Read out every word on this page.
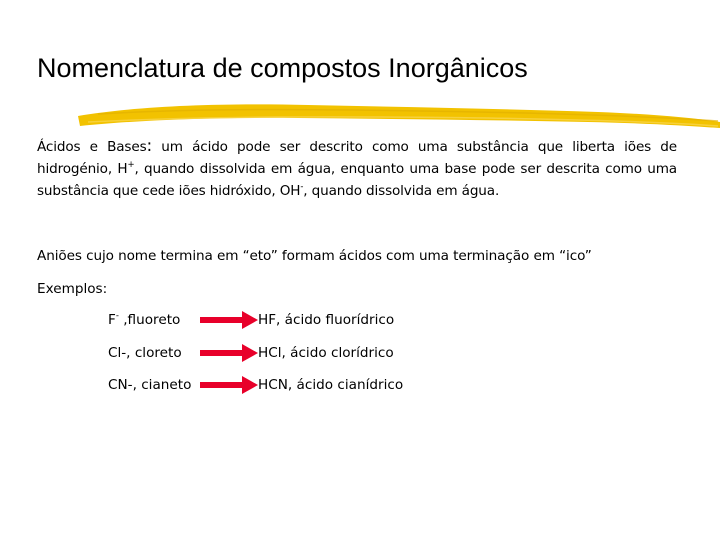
Nomenclatura de compostos Inorgânicos

Ácidos e Bases: um ácido pode ser descrito como uma substância que liberta iões de hidrogénio, H+, quando dissolvida em água, enquanto uma base pode ser descrita como uma substância que cede iões hidróxido, OH-, quando dissolvida em água.

Aniões cujo nome termina em “eto” formam ácidos com uma terminação em “ico”

Exemplos:

F- ,fluoreto	HF, ácido fluorídrico
Cl-, cloreto	HCl, ácido clorídrico
CN-, cianeto	HCN, ácido cianídrico
